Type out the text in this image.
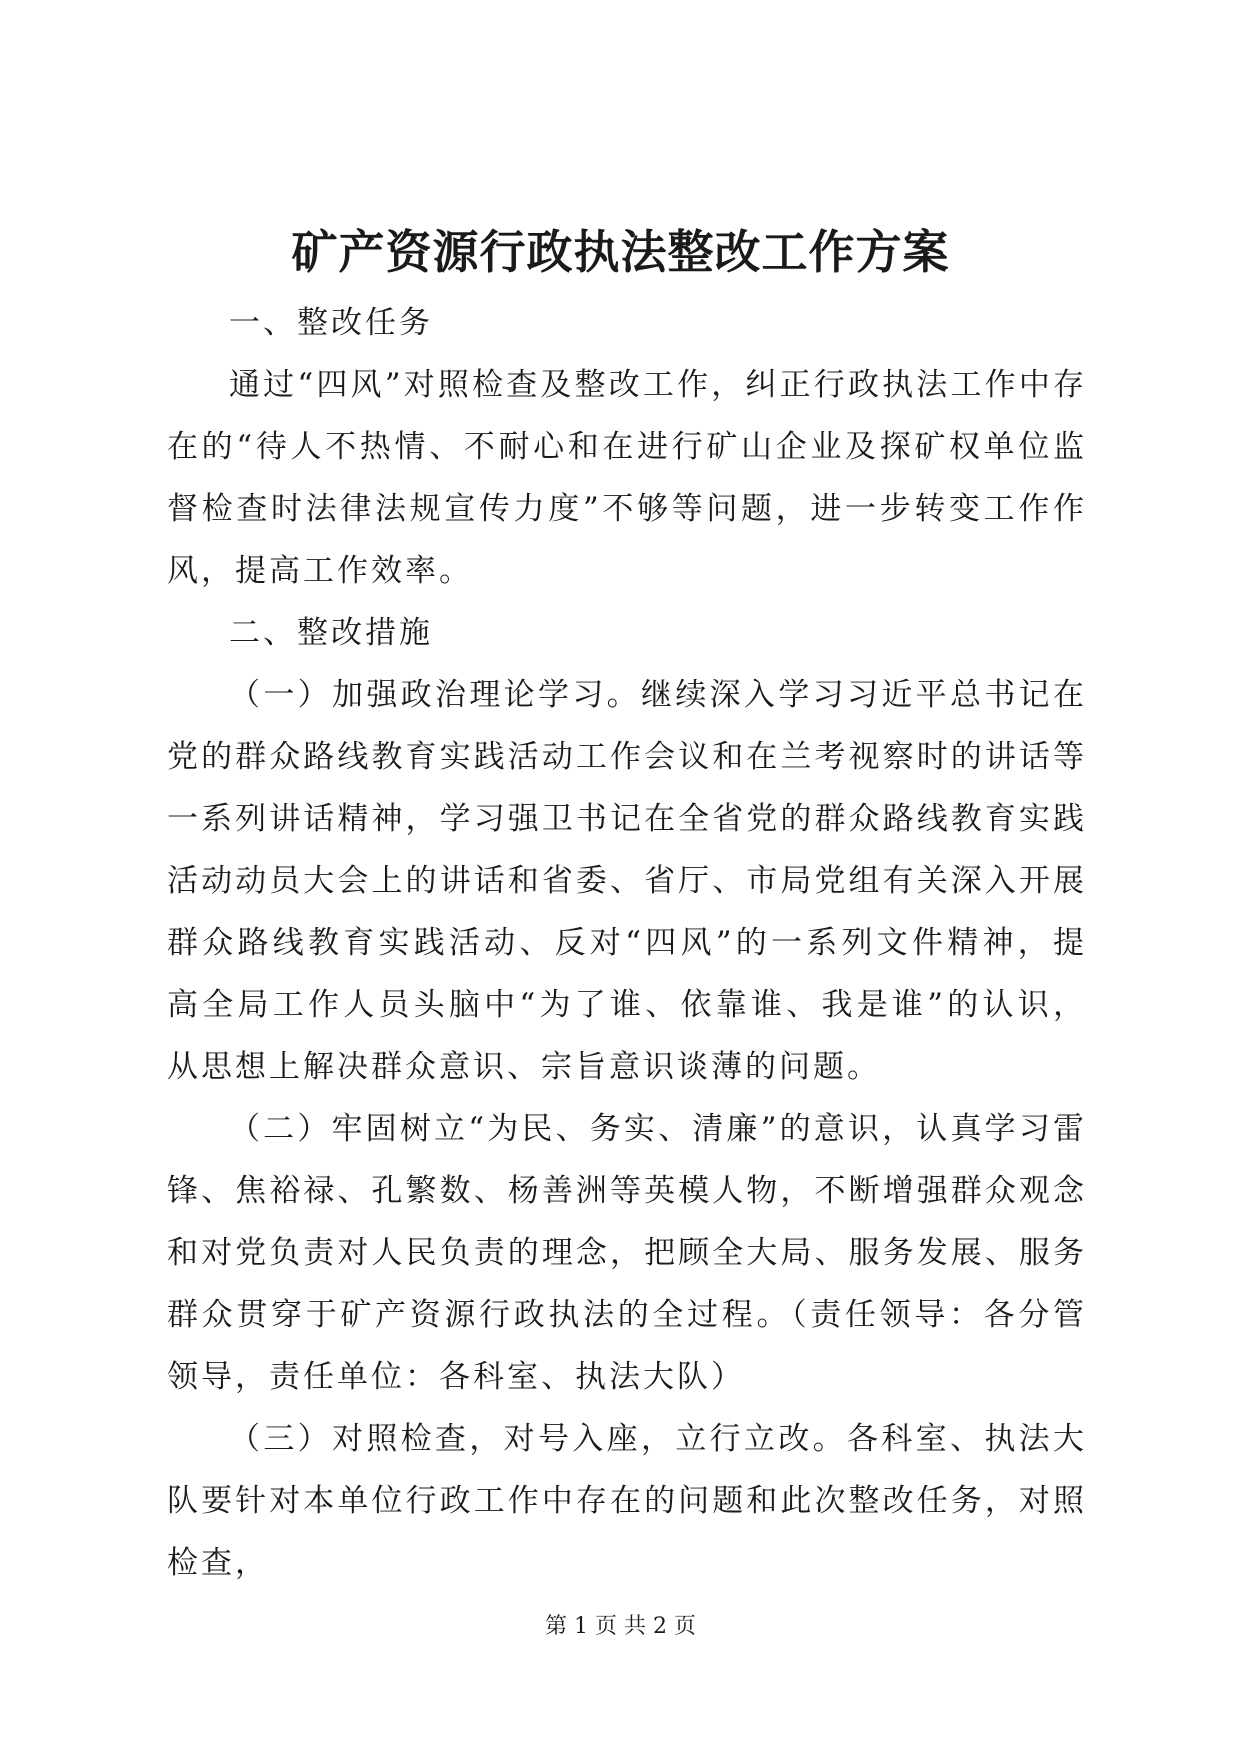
矿产资源行政执法整改工作方案

一、整改任务

通过“四风”对照检查及整改工作，纠正行政执法工作中存在的“待人不热情、不耐心和在进行矿山企业及探矿权单位监督检查时法律法规宣传力度”不够等问题，进一步转变工作作风，提高工作效率。

二、整改措施

（一）加强政治理论学习。继续深入学习习近平总书记在党的群众路线教育实践活动工作会议和在兰考视察时的讲话等一系列讲话精神，学习强卫书记在全省党的群众路线教育实践活动动员大会上的讲话和省委、省厅、市局党组有关深入开展群众路线教育实践活动、反对“四风”的一系列文件精神，提高全局工作人员头脑中“为了谁、依靠谁、我是谁”的认识，从思想上解决群众意识、宗旨意识谈薄的问题。

（二）牢固树立“为民、务实、清廉”的意识，认真学习雷锋、焦裕禄、孔繁数、杨善洲等英模人物，不断增强群众观念和对党负责对人民负责的理念，把顾全大局、服务发展、服务群众贯穿于矿产资源行政执法的全过程。（责任领导：各分管领导，责任单位：各科室、执法大队）

（三）对照检查，对号入座，立行立改。各科室、执法大队要针对本单位行政工作中存在的问题和此次整改任务，对照检查，

第 1 页 共 2 页
